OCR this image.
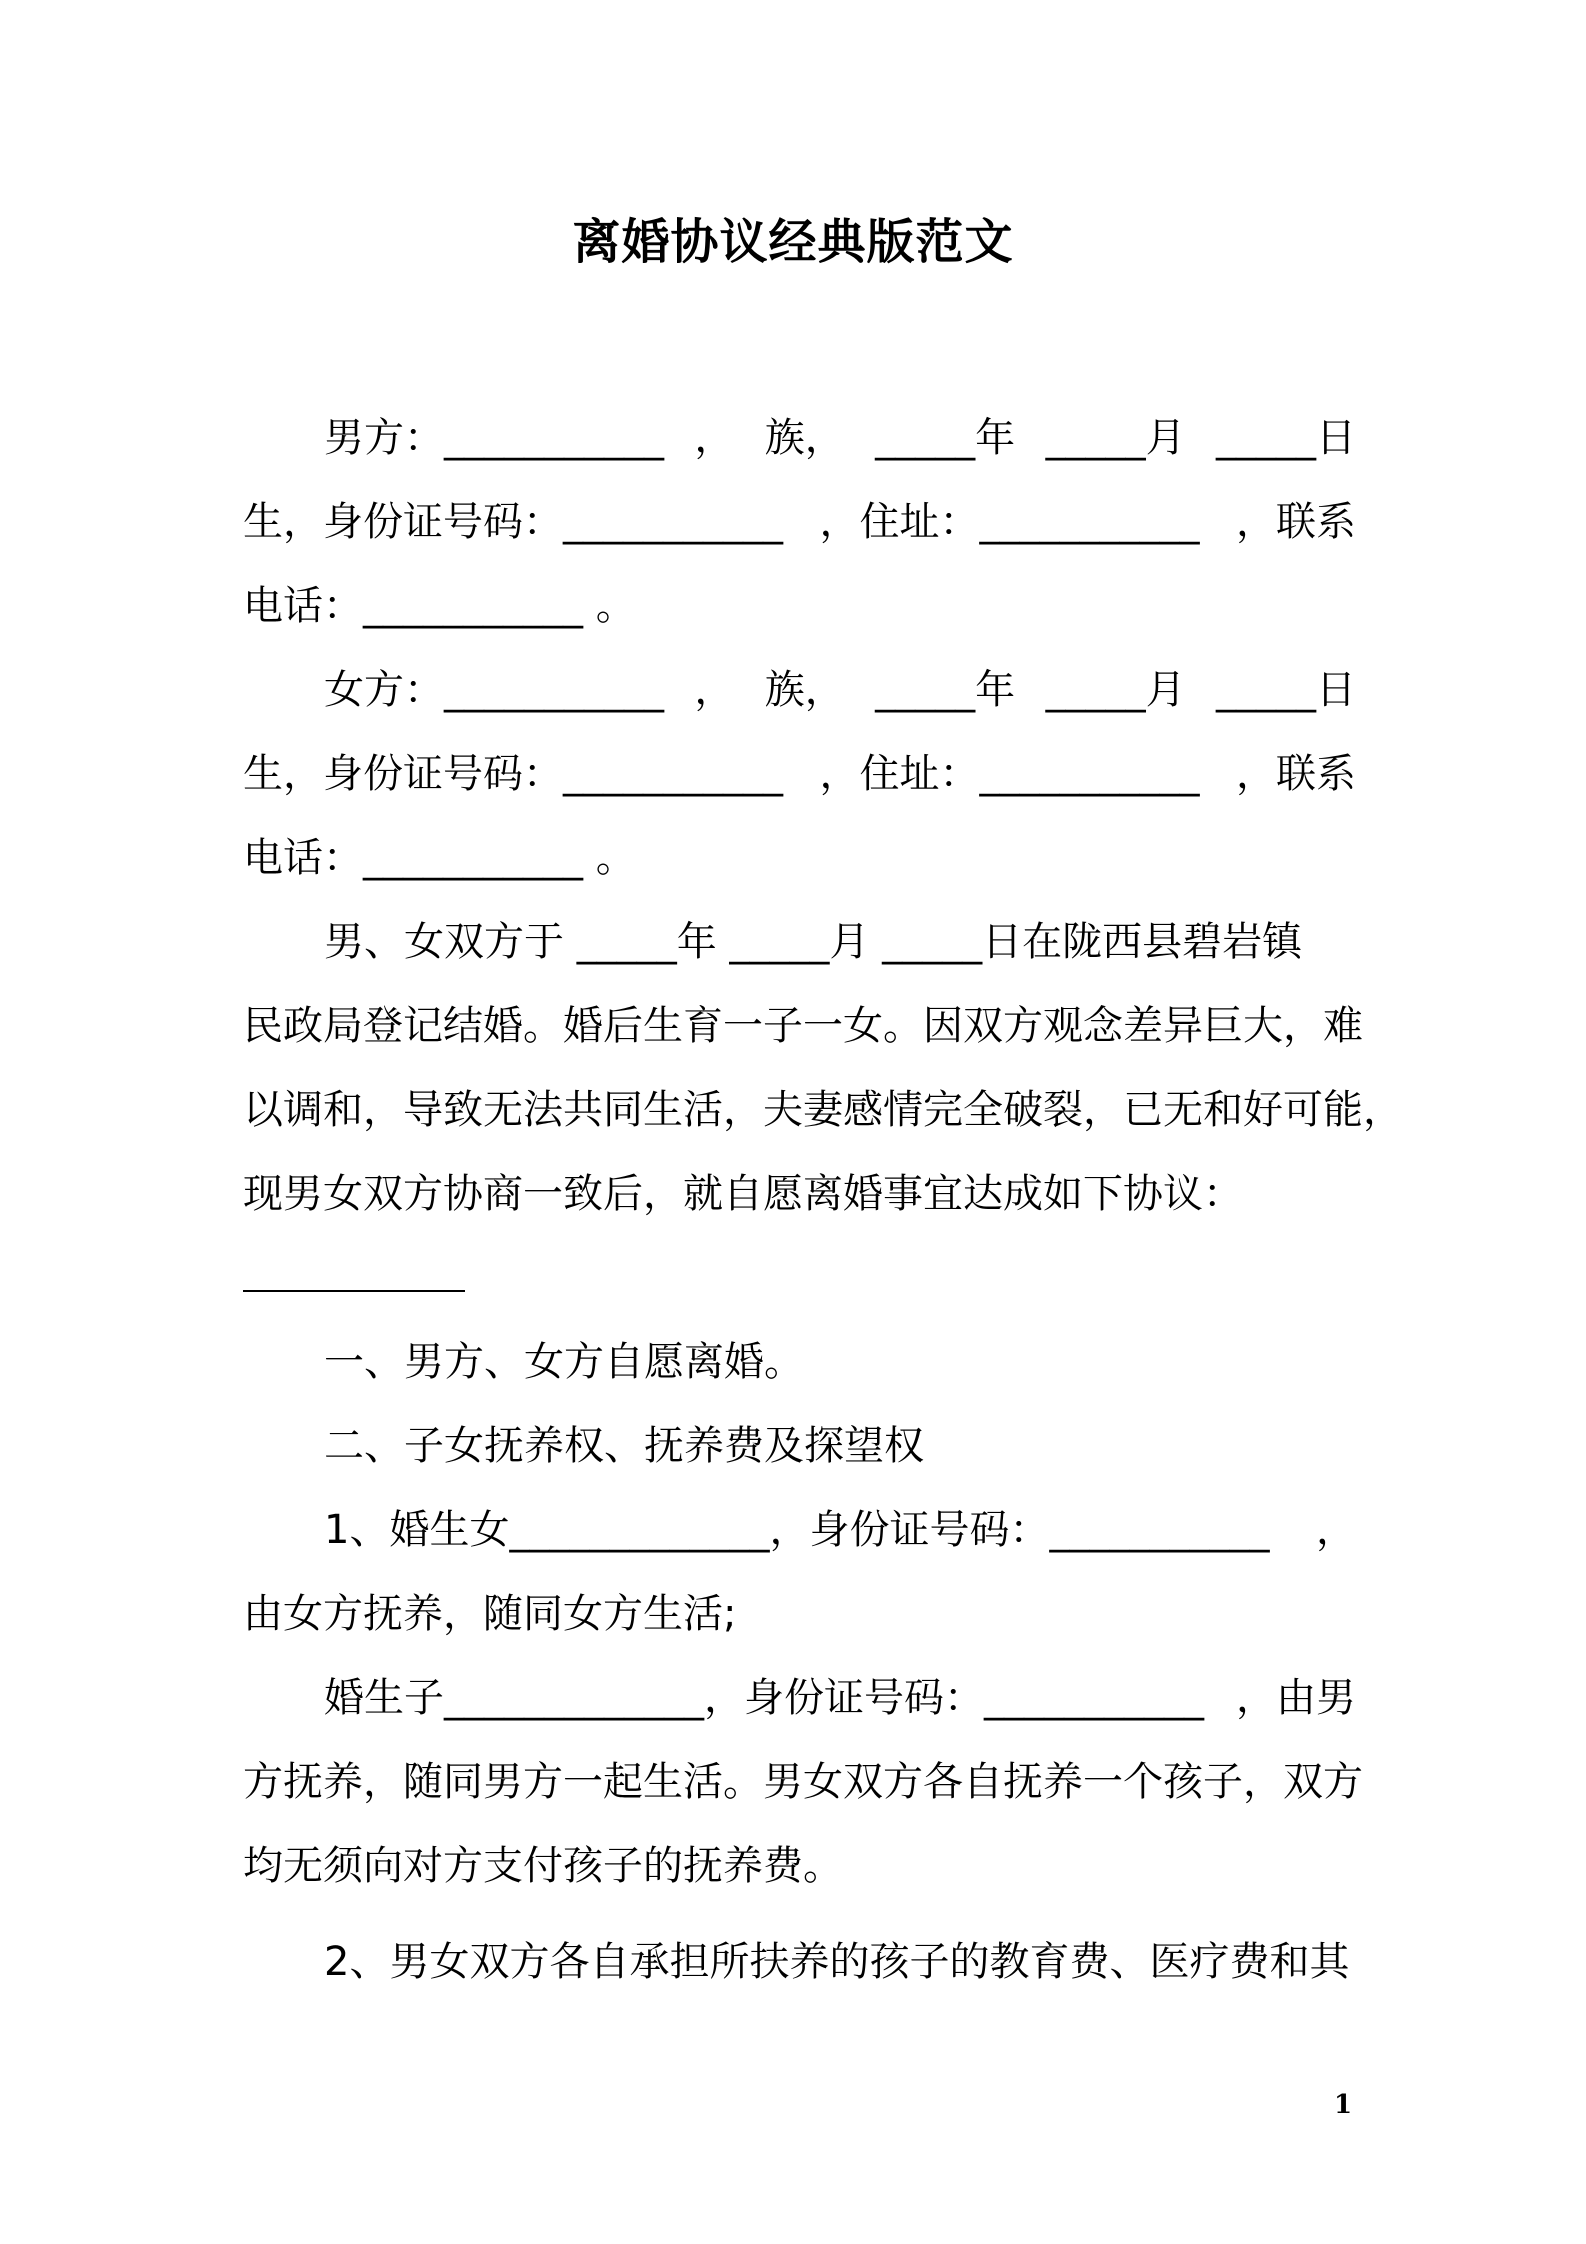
离婚协议经典版范文
男方：___________ ， 族， _____年 _____月 _____日
生，身份证号码：___________ ，住址：___________ ，联系
电话：___________ 。
女方：___________ ， 族， _____年 _____月 _____日
生，身份证号码：___________ ，住址：___________ ，联系
电话：___________ 。
男、女双方于 _____年 _____月 _____日在陇西县碧岩镇
民政局登记结婚。婚后生育一子一女。因双方观念差异巨大，难
以调和，导致无法共同生活，夫妻感情完全破裂，已无和好可能，
现男女双方协商一致后，就自愿离婚事宜达成如下协议：
一、男方、女方自愿离婚。
二、子女抚养权、抚养费及探望权
1、婚生女_____________，身份证号码：___________ ，
由女方抚养，随同女方生活;
婚生子_____________，身份证号码：___________ ，由男
方抚养，随同男方一起生活。男女双方各自抚养一个孩子，双方
均无须向对方支付孩子的抚养费。
2、男女双方各自承担所扶养的孩子的教育费、医疗费和其
1
